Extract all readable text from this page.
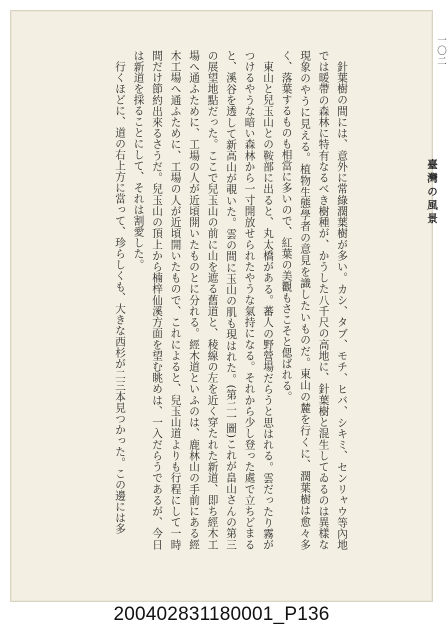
一〇二
臺灣の風景

針葉樹の間には、意外に常綠濶葉樹が多い。カシ、タブ、モチ、ヒバ、シキミ、センリャウ等內地では暖帶の森林に特有なるべき樹種が、かうした八千尺の高地に、針葉樹と混生してゐるのは異樣な現象のやうに見える。植物生態學者の意見を識したいものだ。東山の麓を行くに、濶葉樹は愈々多く、落葉するものも相當に多いので、紅葉の美觀もさこそと偲ばれる。

東山と兒玉山との鞍部に出ると、丸太橋がある。蕃人の野營場だらうと思はれる。雲だったり霧がつけるやうな暗い森林から一寸開放せられたやうな氣持になる。それから少し登った處で立ちどまると、溪谷を透して新高山が覗いた。雲の間に玉山の肌も現はれた。(第二一圖)これが畠山さんの第三の展望地點だった。ここで兒玉山の前に山を遮る舊道と、稜線の左を近く穿たれた新道、即ち經木工場へ通ふために、工場の人が近頃開いたものとに分れる。經木道といふのは、鹿林山の手前にある經木工場へ通ふために、工場の人が近頃開いたもので、これによると、兒玉山道よりも行程にして一時間だけ節約出來るさうだ。兒玉山の頂上から楠梓仙溪方面を望む眺めは、一入だらうであるが、今日は新道を採ることにして、それは割愛した。

行くほどに、道の右上方に當って、珍らしくも、大きな西杉が二三本見つかった。この邊には多

200402831180001_P136
